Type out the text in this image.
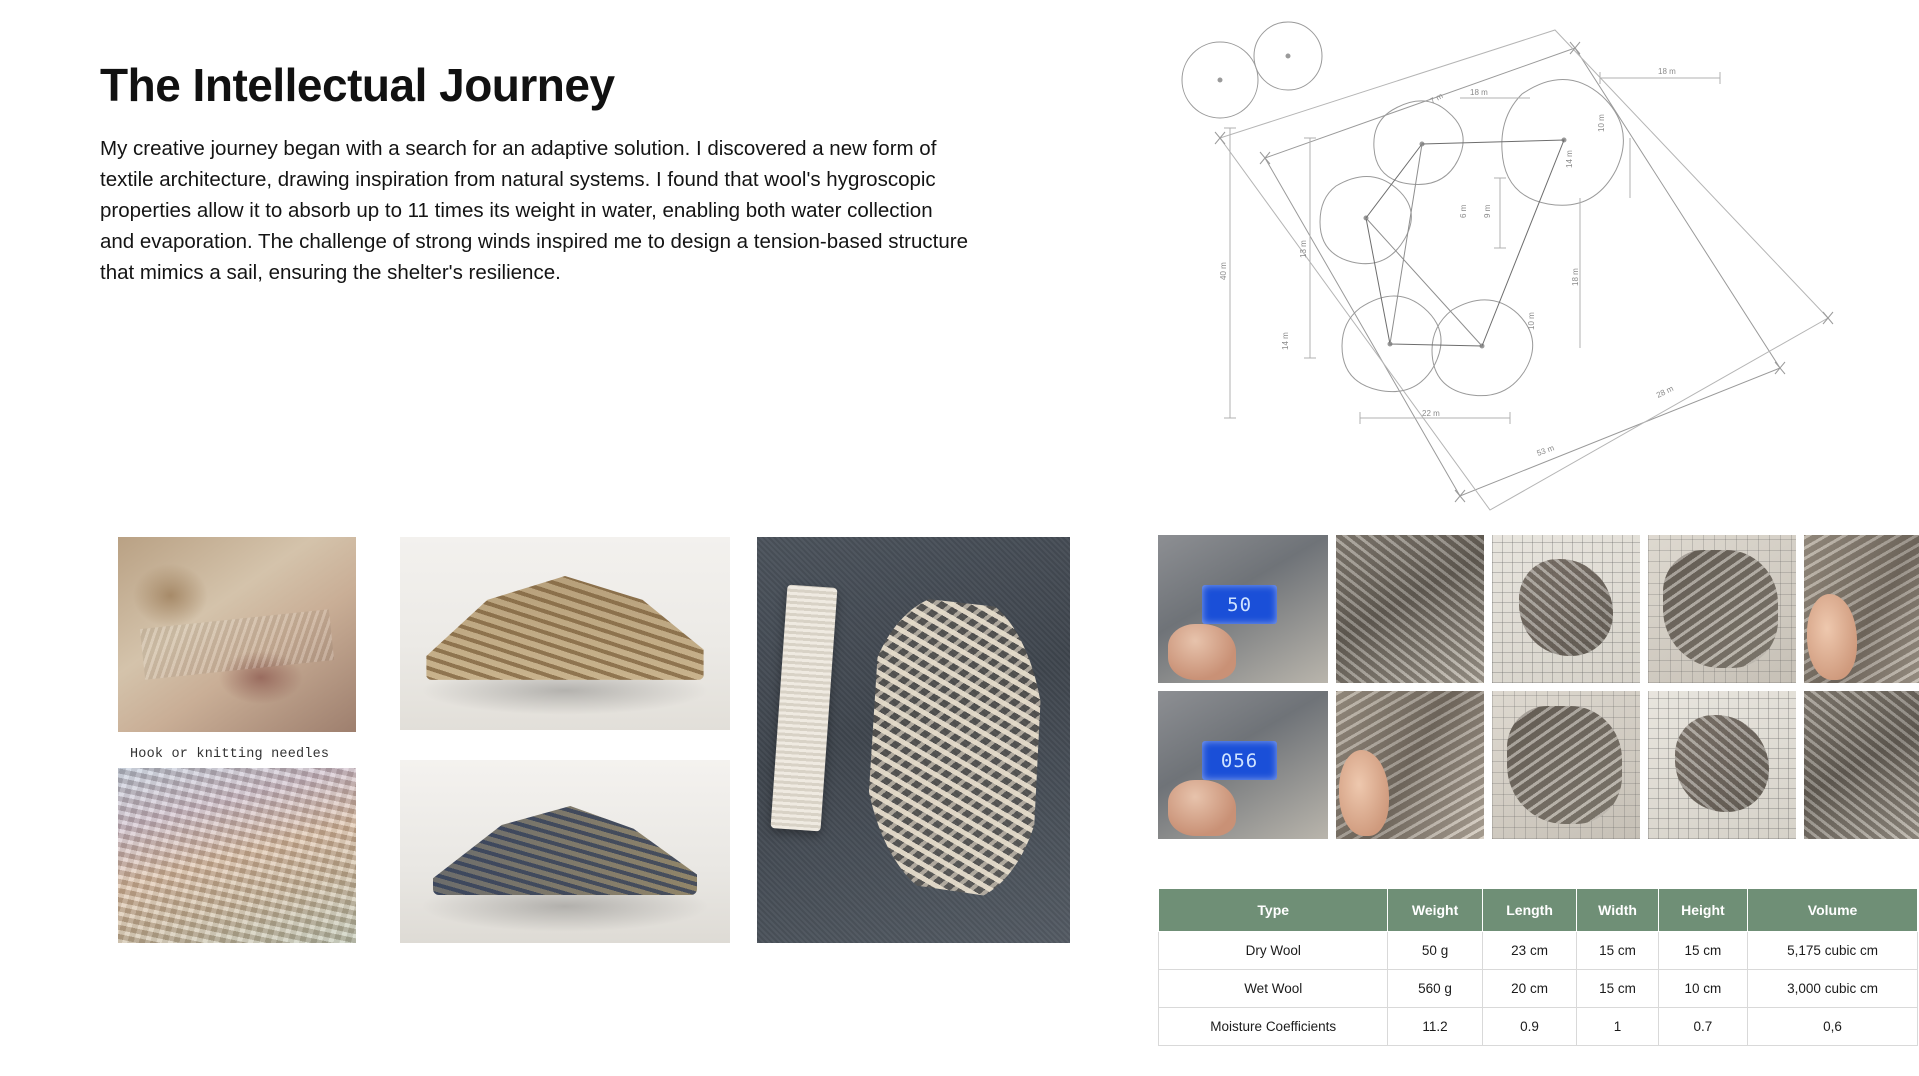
The Intellectual Journey

My creative journey began with a search for an adaptive solution. I discovered a new form of textile architecture, drawing inspiration from natural systems. I found that wool's hygroscopic properties allow it to absorb up to 11 times its weight in water, enabling both water collection and evaporation. The challenge of strong winds inspired me to design a tension-based structure that mimics a sail, ensuring the shelter's resilience.

Hook or knitting needles
18 m
18 m
7 m
9 m
10 m
14 m
6 m
13 m
40 m
10 m
18 m
14 m
22 m
28 m
53 m
50
056
Type	Weight	Length	Width	Height	Volume
Dry Wool	50 g	23 cm	15 cm	15 cm	5,175 cubic cm
Wet Wool	560 g	20 cm	15 cm	10 cm	3,000 cubic cm
Moisture Coefficients	11.2	0.9	1	0.7	0,6
